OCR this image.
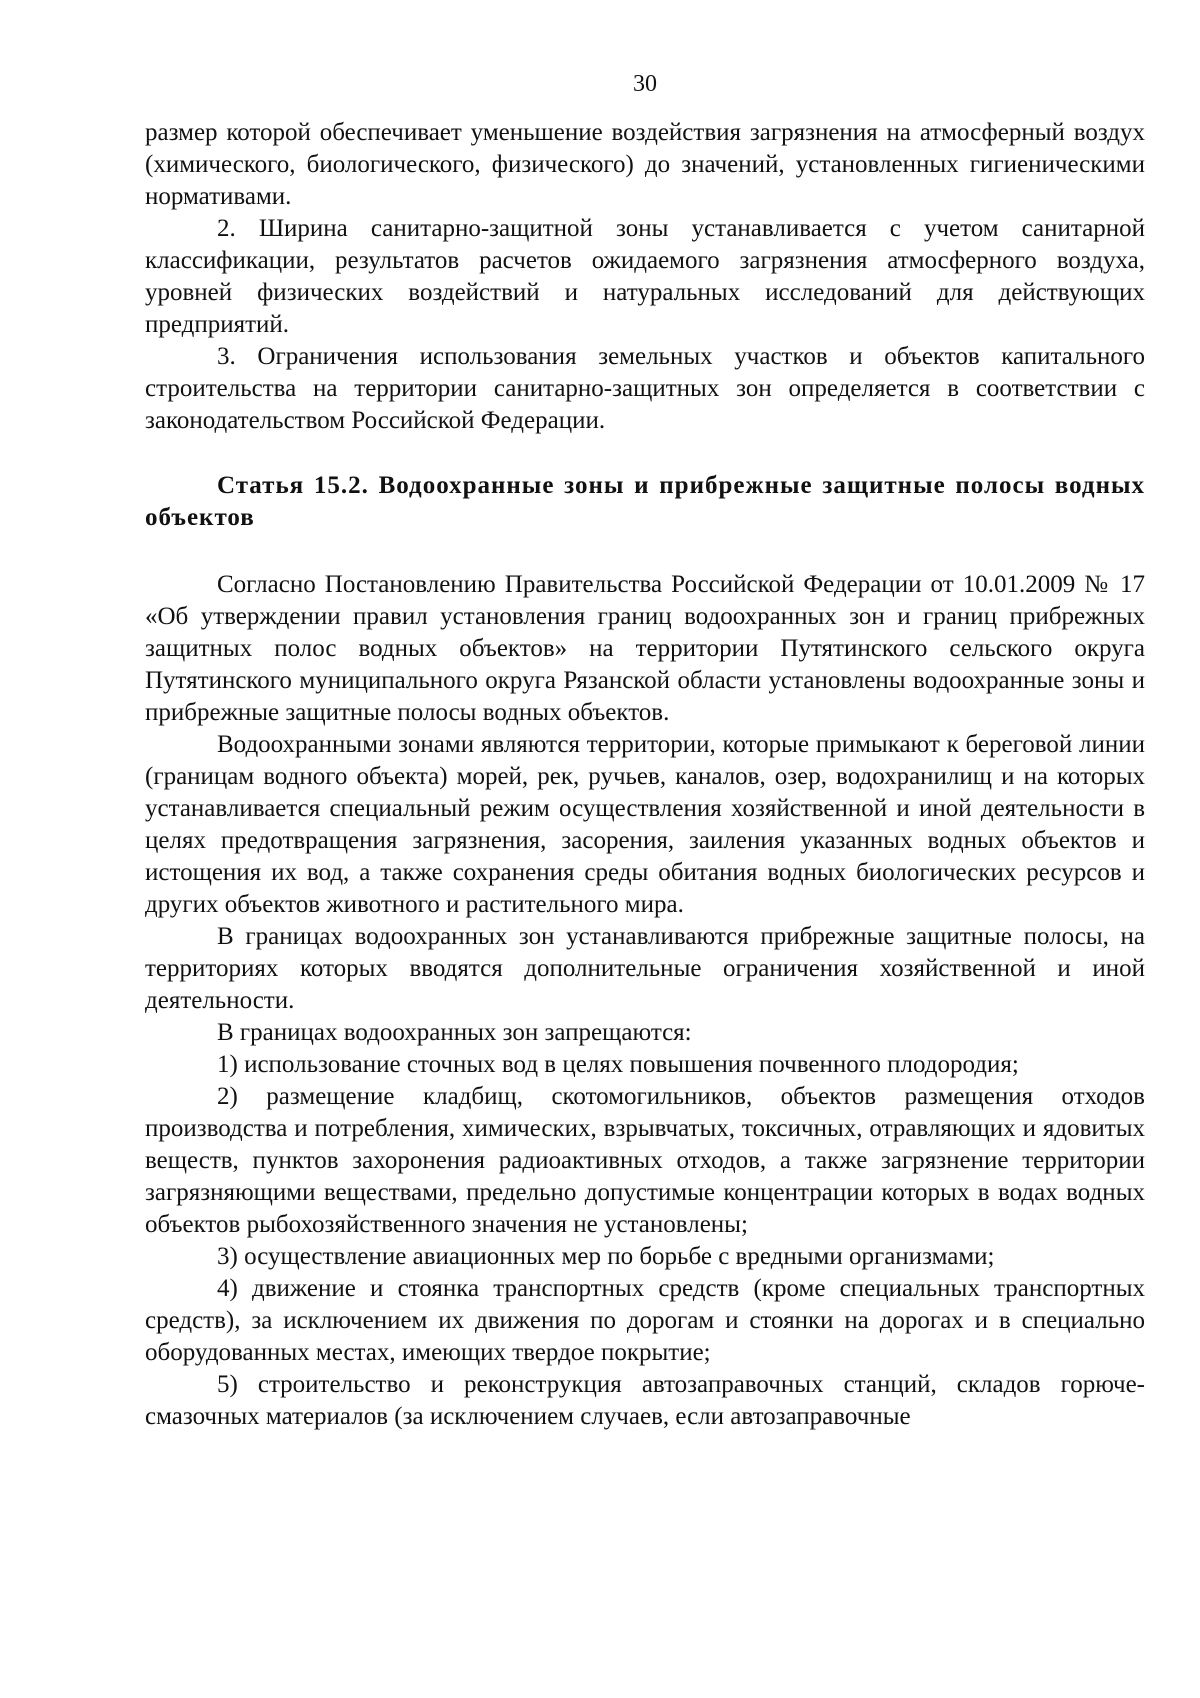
30

размер которой обеспечивает уменьшение воздействия загрязнения на атмосферный воздух (химического, биологического, физического) до значений, установленных гигиеническими нормативами.

2. Ширина санитарно-защитной зоны устанавливается с учетом санитарной классификации, результатов расчетов ожидаемого загрязнения атмосферного воздуха, уровней физических воздействий и натуральных исследований для действующих предприятий.

3. Ограничения использования земельных участков и объектов капитального строительства на территории санитарно-защитных зон определяется в соответствии с законодательством Российской Федерации.

Статья 15.2. Водоохранные зоны и прибрежные защитные полосы водных объектов

Согласно Постановлению Правительства Российской Федерации от 10.01.2009 № 17 «Об утверждении правил установления границ водоохранных зон и границ прибрежных защитных полос водных объектов» на территории Путятинского сельского округа Путятинского муниципального округа Рязанской области установлены водоохранные зоны и прибрежные защитные полосы водных объектов.

Водоохранными зонами являются территории, которые примыкают к береговой линии (границам водного объекта) морей, рек, ручьев, каналов, озер, водохранилищ и на которых устанавливается специальный режим осуществления хозяйственной и иной деятельности в целях предотвращения загрязнения, засорения, заиления указанных водных объектов и истощения их вод, а также сохранения среды обитания водных биологических ресурсов и других объектов животного и растительного мира.

В границах водоохранных зон устанавливаются прибрежные защитные полосы, на территориях которых вводятся дополнительные ограничения хозяйственной и иной деятельности.

В границах водоохранных зон запрещаются:

1) использование сточных вод в целях повышения почвенного плодородия;

2) размещение кладбищ, скотомогильников, объектов размещения отходов производства и потребления, химических, взрывчатых, токсичных, отравляющих и ядовитых веществ, пунктов захоронения радиоактивных отходов, а также загрязнение территории загрязняющими веществами, предельно допустимые концентрации которых в водах водных объектов рыбохозяйственного значения не установлены;

3) осуществление авиационных мер по борьбе с вредными организмами;

4) движение и стоянка транспортных средств (кроме специальных транспортных средств), за исключением их движения по дорогам и стоянки на дорогах и в специально оборудованных местах, имеющих твердое покрытие;

5) строительство и реконструкция автозаправочных станций, складов горюче-смазочных материалов (за исключением случаев, если автозаправочные
